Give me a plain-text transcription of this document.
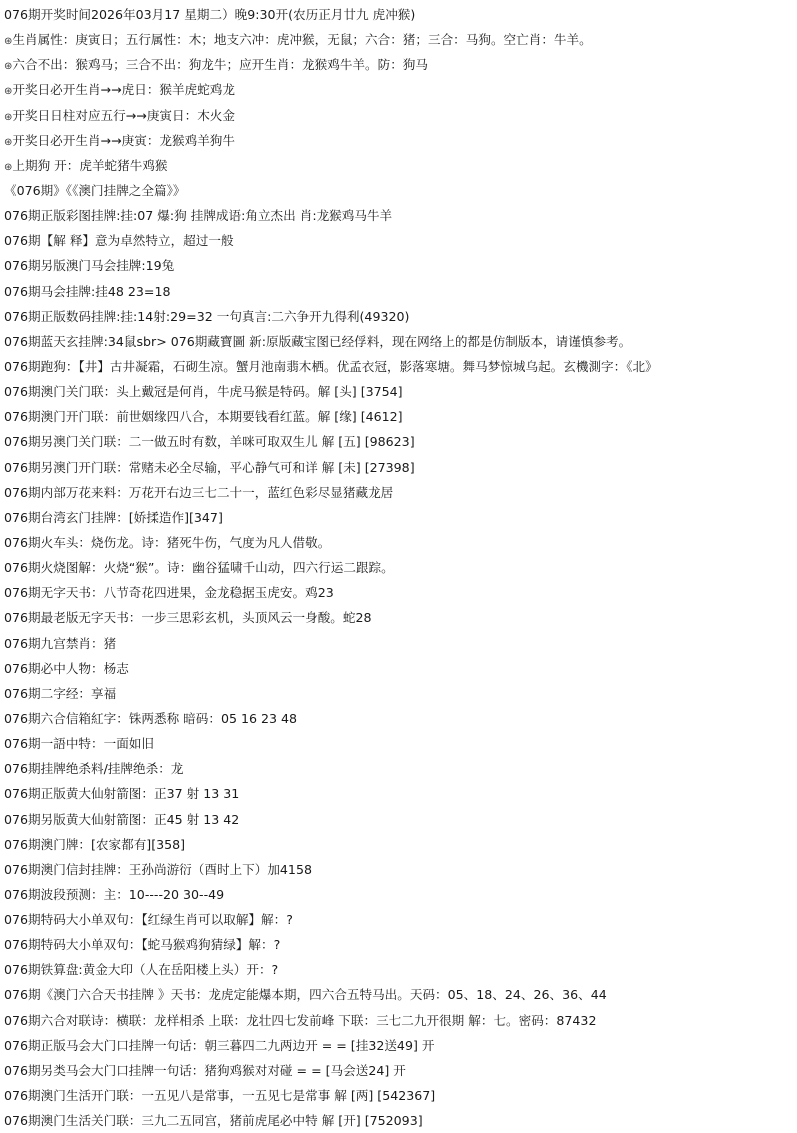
076期开奖时间2026年03月17 星期二）晚9:30开(农历正月廿九 虎冲猴)
⊛生肖属性：庚寅日；五行属性：木；地支六冲：虎冲猴，无鼠；六合：猪；三合：马狗。空亡肖：牛羊。
⊛六合不出：猴鸡马；三合不出：狗龙牛；应开生肖：龙猴鸡牛羊。防：狗马
⊛开奖日必开生肖→→虎日：猴羊虎蛇鸡龙
⊛开奖日日柱对应五行→→庚寅日：木火金
⊛开奖日必开生肖→→庚寅：龙猴鸡羊狗牛
⊛上期狗 开：虎羊蛇猪牛鸡猴
《076期》《《澳门挂牌之全篇》》
076期正版彩图挂牌:挂:07 爆:狗 挂牌成语:角立杰出 肖:龙猴鸡马牛羊
076期【解 释】意为卓然特立，超过一般
076期另版澳门马会挂牌:19兔
076期马会挂牌:挂48 23=18
076期正版数码挂牌:挂:14射:29=32 一句真言:二六争开九得利(49320)
076期蓝天玄挂牌:34鼠sbr> 076期藏寶圖 新:原版藏宝图已经俘料，现在网络上的都是仿制版本，请谨慎参考。
076期跑狗：【井】古井凝霜，石砌生凉。蟹月池南翡木栖。优孟衣冠，影落寒塘。舞马梦惊城乌起。玄機測字：《北》
076期澳门关门联：头上戴冠是何肖，牛虎马猴是特码。解 [头] [3754]
076期澳门开门联：前世姻缘四八合，本期要钱看红蓝。解 [缘] [4612]
076期另澳门关门联：二一做五时有数，羊咪可取双生儿 解 [五] [98623]
076期另澳门开门联：常赌未必全尽输，平心静气可和详 解 [未] [27398]
076期内部万花来料：万花开右边三七二十一，蓝红色彩尽显猪藏龙居
076期台湾玄门挂牌：[娇揉造作][347]
076期火车头：烧伤龙。诗：猪死牛伤，气度为凡人借敬。
076期火烧图解：火烧“猴”。诗：幽谷猛啸千山动，四六行运二跟踪。
076期无字天书：八节奇花四进果，金龙稳据玉虎安。鸡23
076期最老版无字天书：一步三思彩玄机，头顶风云一身酸。蛇28
076期九宫禁肖：猪
076期必中人物：杨志
076期二字经：享福
076期六合信箱紅字：铢两悉称 暗码：05 16 23 48
076期一語中特：一面如旧
076期挂牌绝杀料/挂牌绝杀：龙
076期正版黄大仙射箭图：正37 射 13 31
076期另版黄大仙射箭图：正45 射 13 42
076期澳门牌：[农家都有][358]
076期澳门信封挂牌：王孙尚游衍（酉时上下）加4158
076期波段预测：主：10----20 30--49
076期特码大小单双句：【红绿生肖可以取解】解：?
076期特码大小单双句：【蛇马猴鸡狗猜绿】解：?
076期铁算盘:黄金大印（人在岳阳楼上头）开：?
076期《澳门六合天书挂牌 》天书：龙虎定能爆本期，四六合五特马出。天码：05、18、24、26、36、44
076期六合对联诗：横联：龙样相杀 上联：龙壮四七发前峰 下联：三七二九开很期 解：七。密码：87432
076期正版马会大门口挂牌一句话：朝三暮四二九两边开 = = [挂32送49] 开
076期另类马会大门口挂牌一句话：猪狗鸡猴对对碰 = = [马会送24] 开
076期澳门生活开门联：一五见八是常事，一五见七是常事 解 [两] [542367]
076期澳门生活关门联：三九二五同宫，猪前虎尾必中特 解 [开] [752093]
